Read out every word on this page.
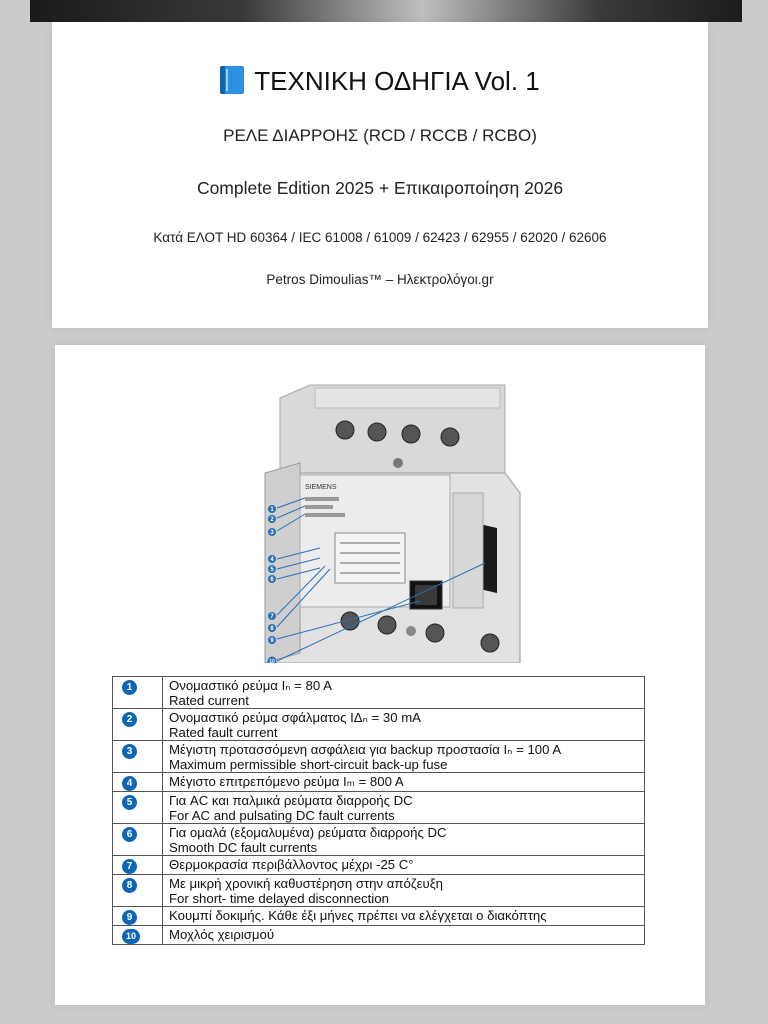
ΤΕΧΝΙΚΗ ΟΔΗΓΙΑ Vol. 1
ΡΕΛΕ ΔΙΑΡΡΟΗΣ (RCD / RCCB / RCBO)
Complete Edition 2025 + Επικαιροποίηση 2026
Κατά ΕΛΟΤ HD 60364 / IEC 61008 / 61009 / 62423 / 62955 / 62020 / 62606
Petros Dimoulias™ – Ηλεκτρολόγοι.gr
SIEMENS
1
2
3
4
5
6
7
8
9
10
1	Ονομαστικό ρεύμα Iₙ = 80 A
Rated current

2	Ονομαστικό ρεύμα σφάλματος IΔₙ = 30 mA
Rated fault current

3	Μέγιστη προτασσόμενη ασφάλεια για backup προστασία Iₙ = 100 A
Maximum permissible short-circuit back-up fuse

4	Μέγιστο επιτρεπόμενο ρεύμα Iₘ = 800 A
5	Για AC και παλμικά ρεύματα διαρροής DC
For AC and pulsating DC fault currents

6	Για ομαλά (εξομαλυμένα) ρεύματα διαρροής DC
Smooth DC fault currents

7	Θερμοκρασία περιβάλλοντος μέχρι -25 C°
8	Με μικρή χρονική καθυστέρηση στην απόζευξη
For short- time delayed disconnection

9	Κουμπί δοκιμής. Κάθε έξι μήνες πρέπει να ελέγχεται ο διακόπτης
10	Μοχλός χειρισμού
